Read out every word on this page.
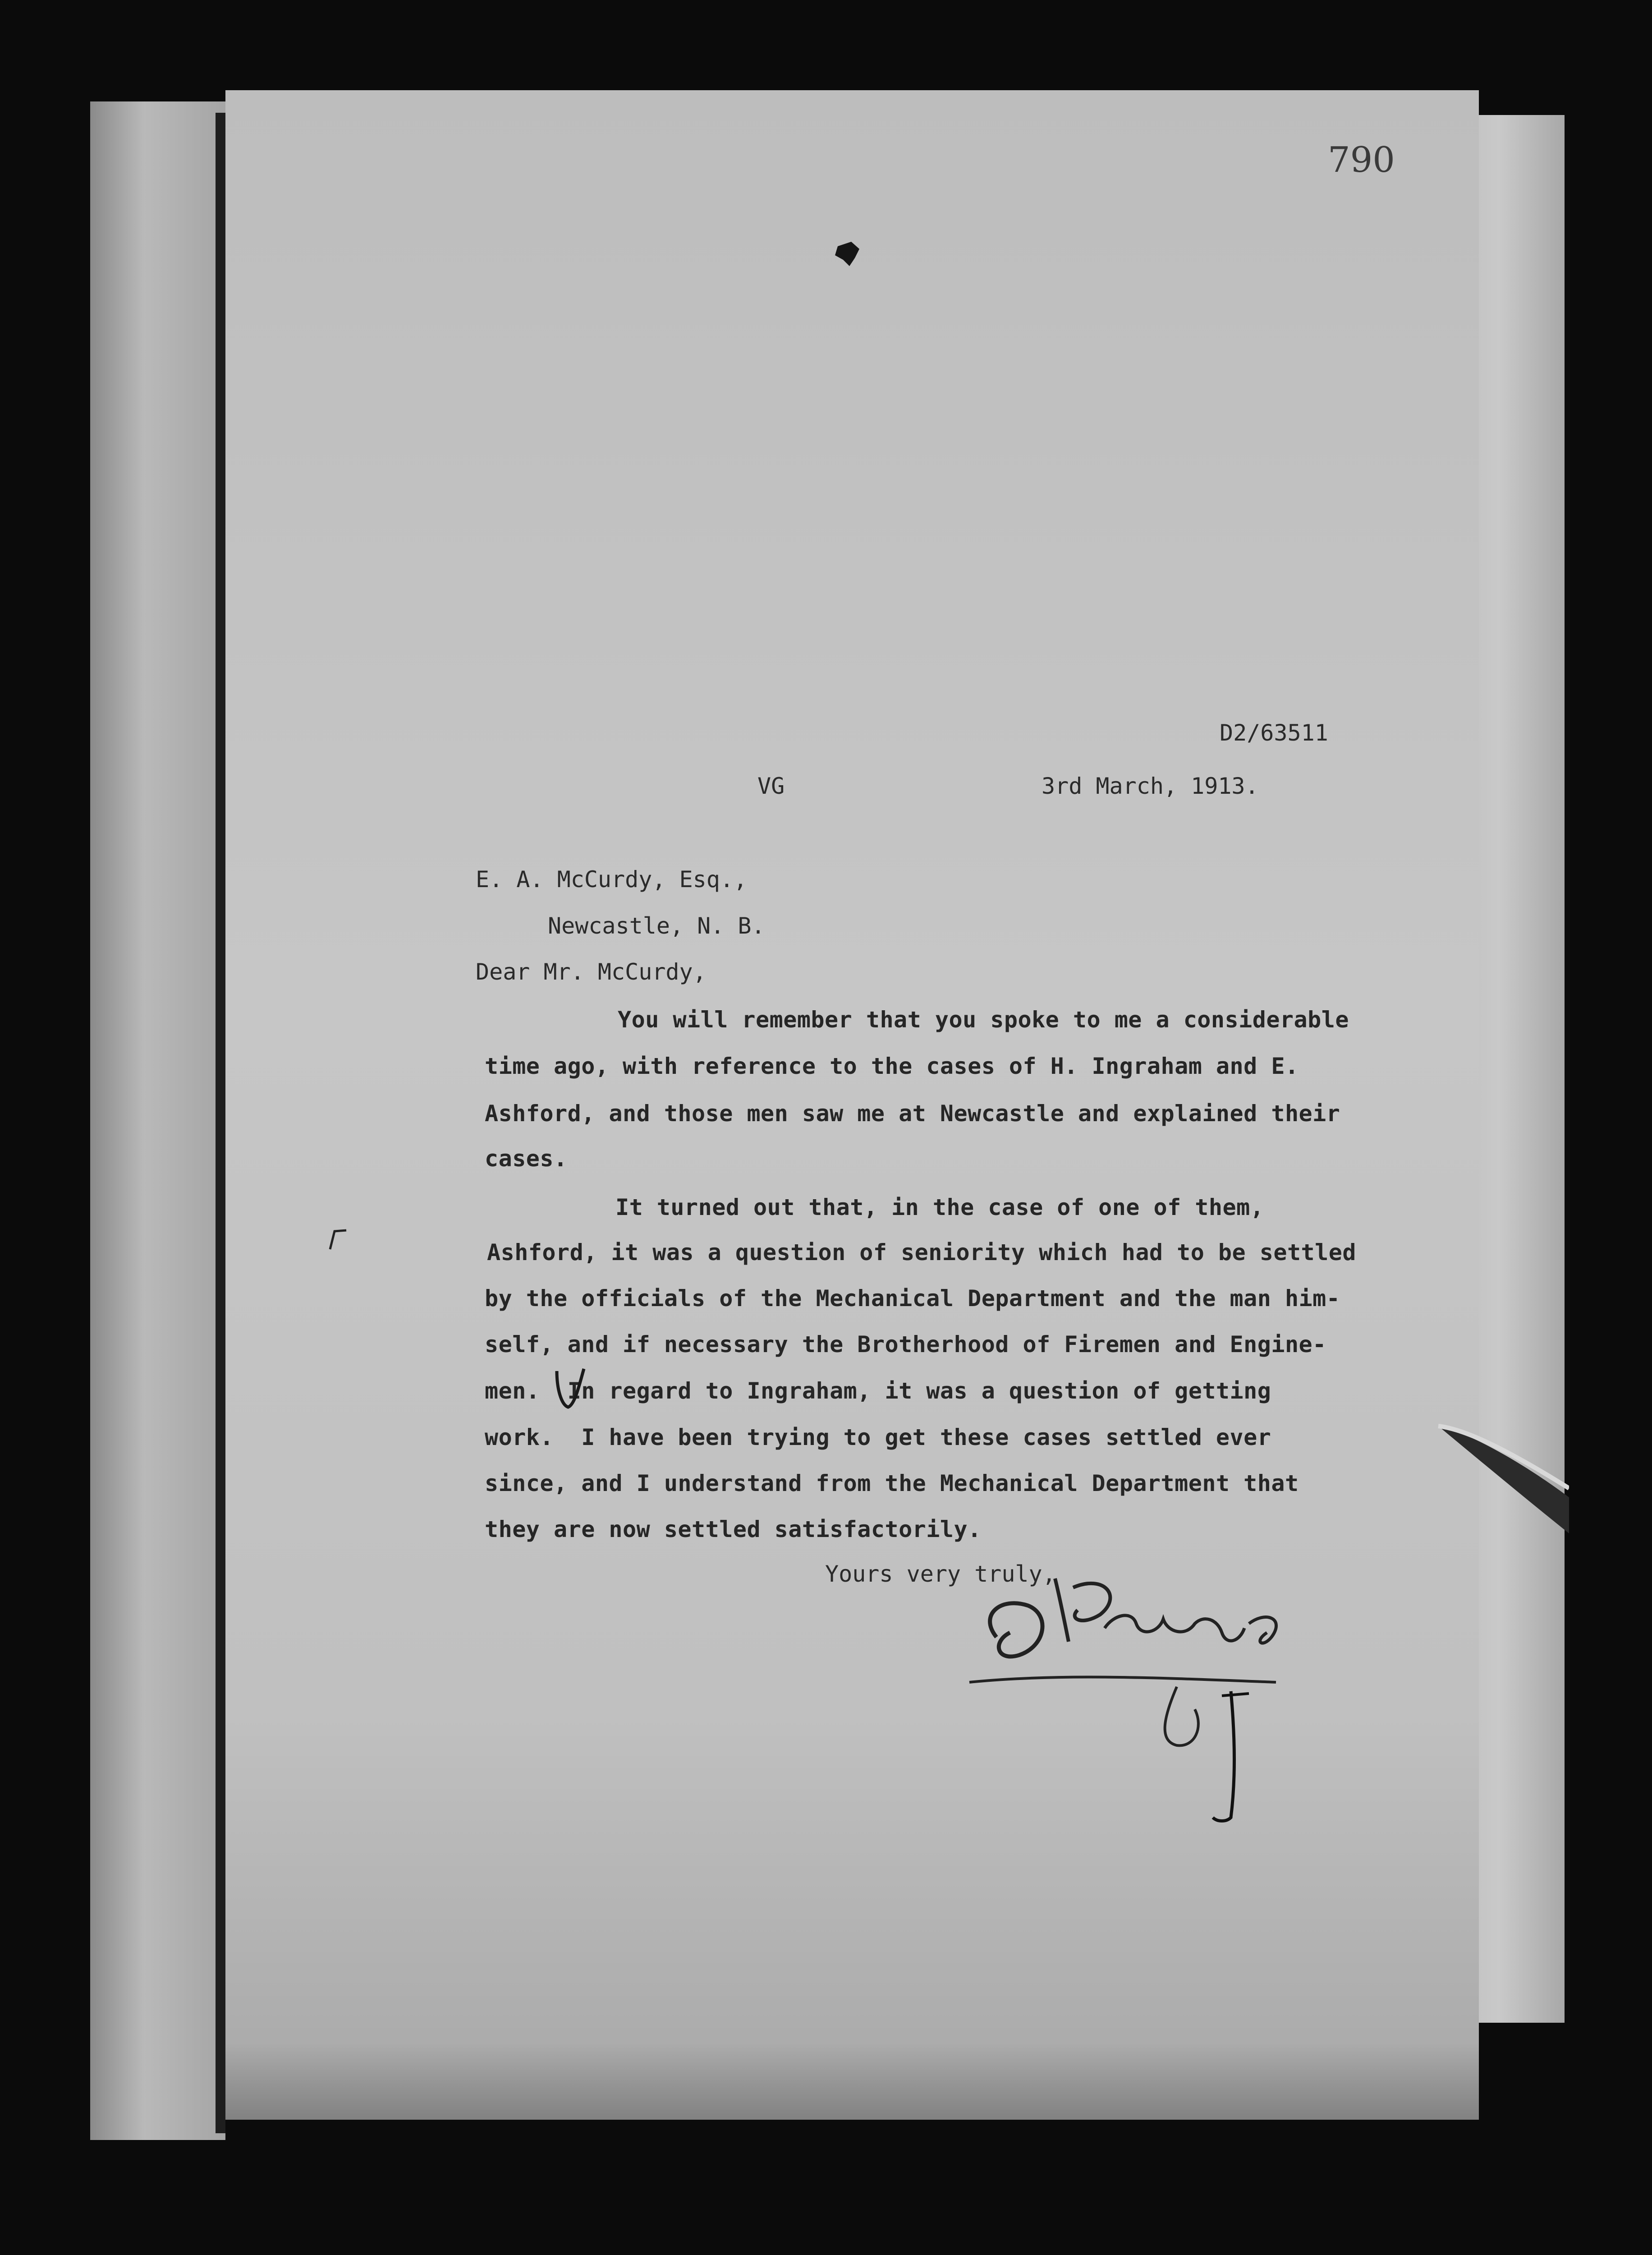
790
D2/63511
VG	3rd March, 1913.
E. A. McCurdy, Esq.,
Newcastle, N. B.
Dear Mr. McCurdy,
You will remember that you spoke to me a considerable
time ago, with reference to the cases of H. Ingraham and E.
Ashford, and those men saw me at Newcastle and explained their
cases.
It turned out that, in the case of one of them,
Ashford, it was a question of seniority which had to be settled
by the officials of the Mechanical Department and the man him-
self, and if necessary the Brotherhood of Firemen and Engine-
men.  In regard to Ingraham, it was a question of getting
work.  I have been trying to get these cases settled ever
since, and I understand from the Mechanical Department that
they are now settled satisfactorily.
Yours very truly,
